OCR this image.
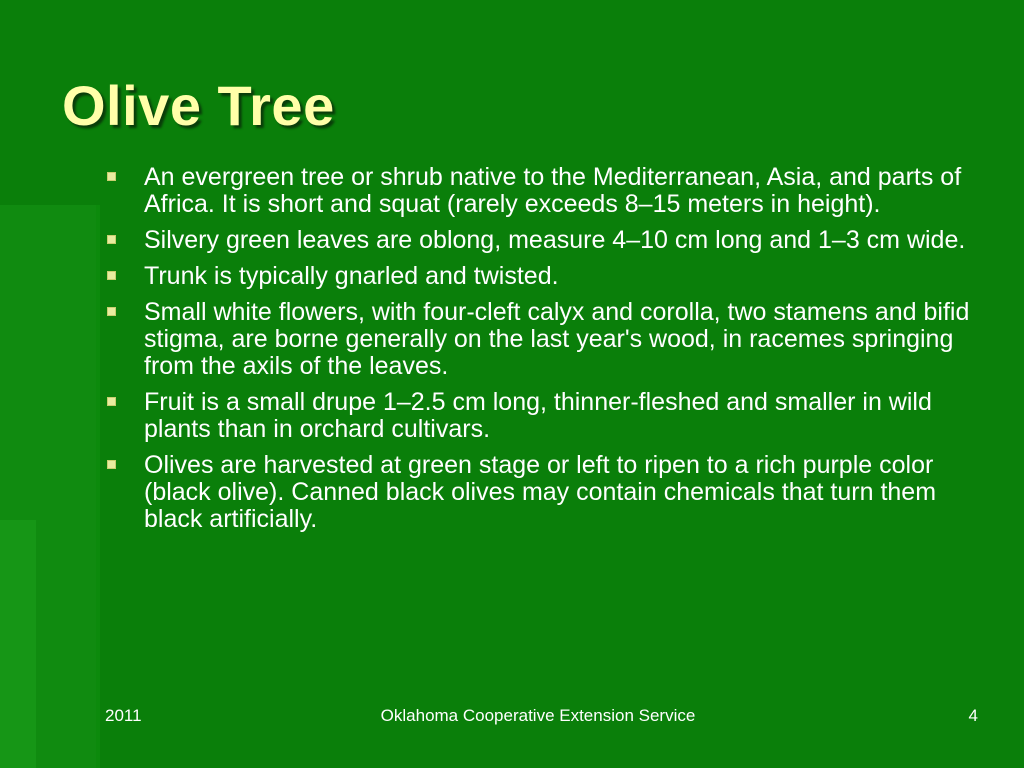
Olive Tree
An evergreen tree or shrub native to the Mediterranean, Asia, and parts of Africa. It is short and squat (rarely exceeds 8–15 meters in height).
Silvery green leaves are oblong, measure 4–10 cm long and 1–3 cm wide.
Trunk is typically gnarled and twisted.
Small white flowers, with four-cleft calyx and corolla, two stamens and bifid stigma, are borne generally on the last year's wood, in racemes springing from the axils of the leaves.
Fruit is a small drupe 1–2.5 cm long, thinner-fleshed and smaller in wild plants than in orchard cultivars.
Olives are harvested at green stage or left to ripen to a rich purple color (black olive). Canned black olives may contain chemicals that turn them black artificially.
2011	Oklahoma Cooperative Extension Service	4
